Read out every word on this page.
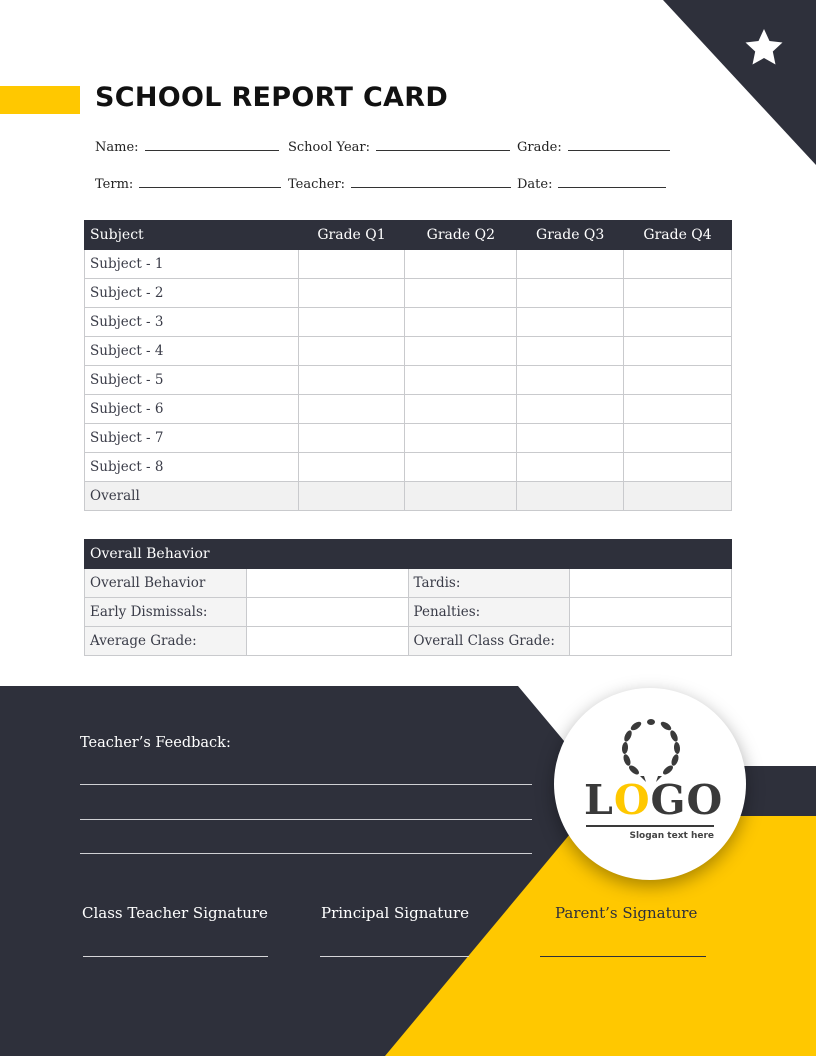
SCHOOL REPORT CARD
Name:	School Year:	Grade:
Term:	Teacher:	Date:
Subject	Grade Q1	Grade Q2	Grade Q3	Grade Q4
Subject - 1				
Subject - 2				
Subject - 3				
Subject - 4				
Subject - 5				
Subject - 6				
Subject - 7				
Subject - 8				
Overall				
Overall Behavior			
Overall Behavior		Tardis:	
Early Dismissals:		Penalties:	
Average Grade:		Overall Class Grade:	
Teacher’s Feedback:
Class Teacher Signature	Principal Signature	Parent’s Signature
LOGO
Slogan text here
